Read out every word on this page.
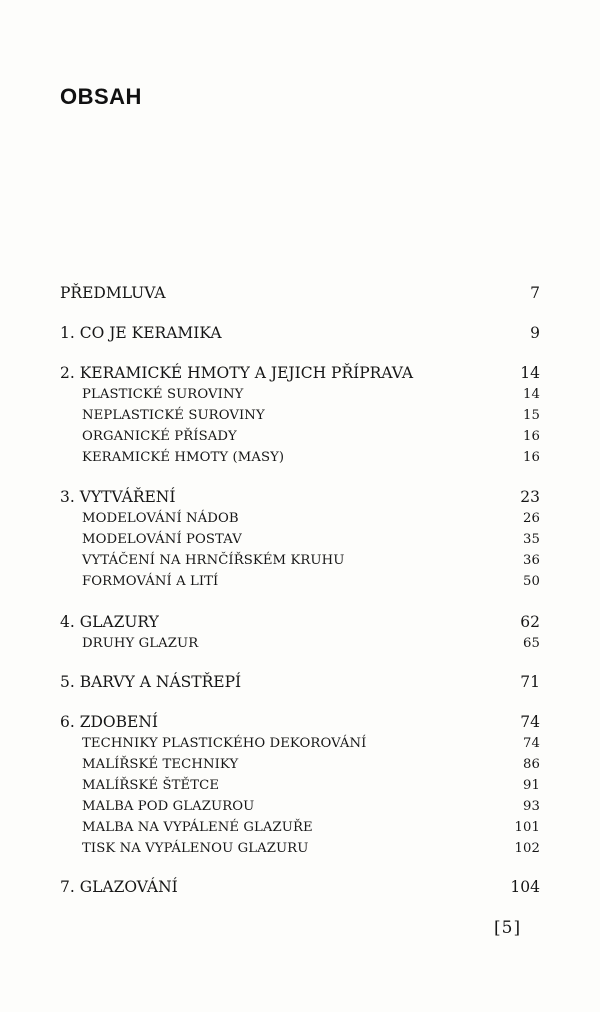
OBSAH
PŘEDMLUVA	7
1. CO JE KERAMIKA	9
2. KERAMICKÉ HMOTY A JEJICH PŘÍPRAVA	14
PLASTICKÉ SUROVINY	14
NEPLASTICKÉ SUROVINY	15
ORGANICKÉ PŘÍSADY	16
KERAMICKÉ HMOTY (MASY)	16
3. VYTVÁŘENÍ	23
MODELOVÁNÍ NÁDOB	26
MODELOVÁNÍ POSTAV	35
VYTÁČENÍ NA HRNČÍŘSKÉM KRUHU	36
FORMOVÁNÍ A LITÍ	50
4. GLAZURY	62
DRUHY GLAZUR	65
5. BARVY A NÁSTŘEPÍ	71
6. ZDOBENÍ	74
TECHNIKY PLASTICKÉHO DEKOROVÁNÍ	74
MALÍŘSKÉ TECHNIKY	86
MALÍŘSKÉ ŠTĚTCE	91
MALBA POD GLAZUROU	93
MALBA NA VYPÁLENÉ GLAZUŘE	101
TISK NA VYPÁLENOU GLAZURU	102
7. GLAZOVÁNÍ	104
[5]
